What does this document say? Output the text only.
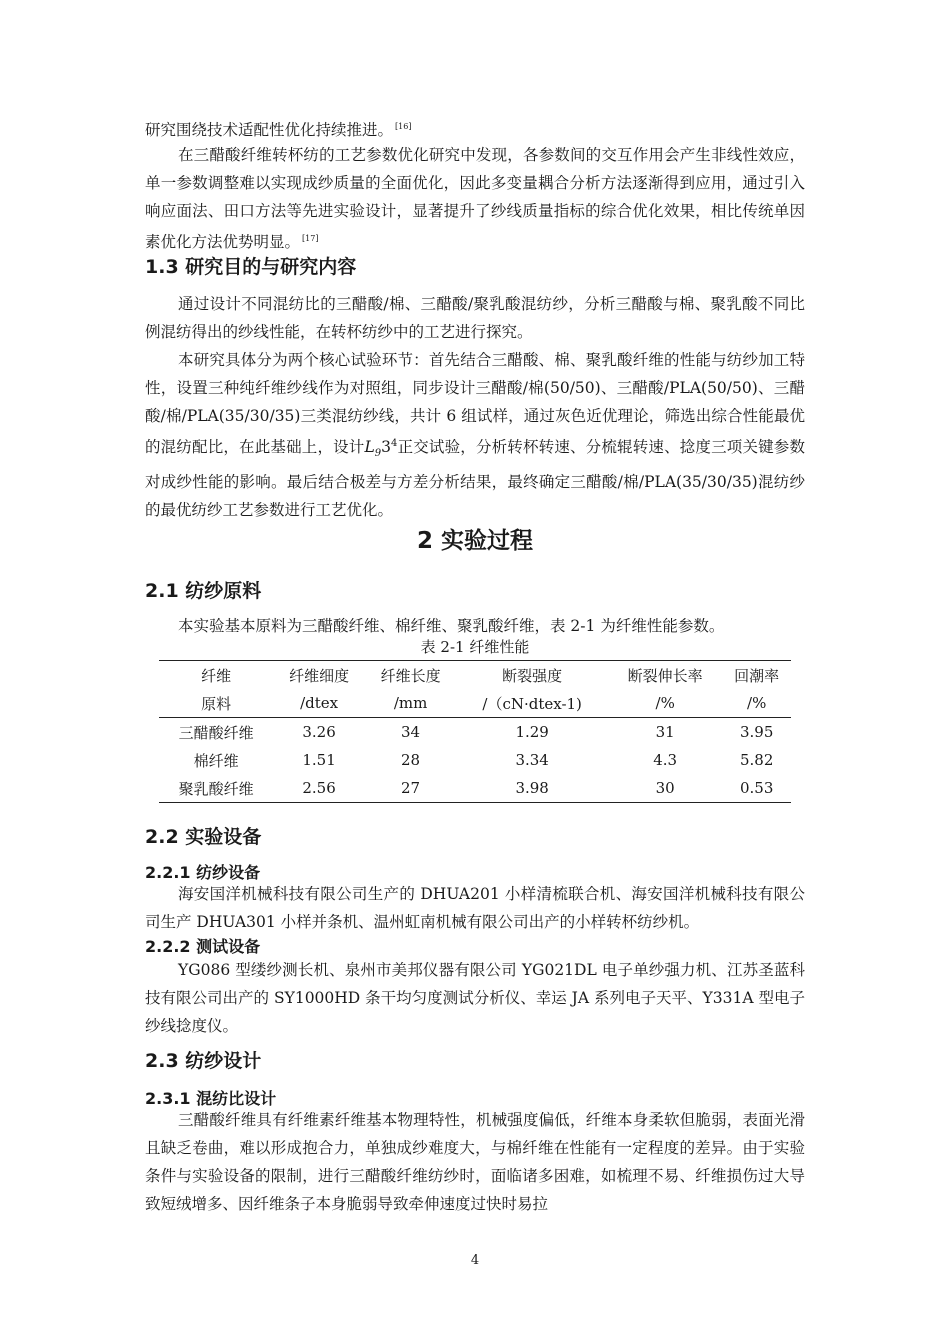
研究围绕技术适配性优化持续推进。 [16]

在三醋酸纤维转杯纺的工艺参数优化研究中发现，各参数间的交互作用会产生非线性效应，单一参数调整难以实现成纱质量的全面优化，因此多变量耦合分析方法逐渐得到应用，通过引入响应面法、田口方法等先进实验设计，显著提升了纱线质量指标的综合优化效果，相比传统单因素优化方法优势明显。 [17]

1.3 研究目的与研究内容

通过设计不同混纺比的三醋酸/棉、三醋酸/聚乳酸混纺纱，分析三醋酸与棉、聚乳酸不同比例混纺得出的纱线性能，在转杯纺纱中的工艺进行探究。

本研究具体分为两个核心试验环节：首先结合三醋酸、棉、聚乳酸纤维的性能与纺纱加工特性，设置三种纯纤维纱线作为对照组，同步设计三醋酸/棉(50/50)、三醋酸/PLA(50/50)、三醋酸/棉/PLA(35/30/35)三类混纺纱线，共计 6 组试样，通过灰色近优理论，筛选出综合性能最优的混纺配比，在此基础上，设计$L_93^4$正交试验，分析转杯转速、分梳辊转速、捻度三项关键参数对成纱性能的影响。最后结合极差与方差分析结果，最终确定三醋酸/棉/PLA(35/30/35)混纺纱的最优纺纱工艺参数进行工艺优化。

2 实验过程
2.1 纺纱原料

本实验基本原料为三醋酸纤维、棉纤维、聚乳酸纤维，表 2-1 为纤维性能参数。

表 2-1 纤维性能
纤维	纤维细度	纤维长度	断裂强度	断裂伸长率	回潮率
原料	/dtex	/mm	/（cN·dtex-1)	/%	/%
三醋酸纤维	3.26	34	1.29	31	3.95
棉纤维	1.51	28	3.34	4.3	5.82
聚乳酸纤维	2.56	27	3.98	30	0.53
2.2 实验设备
2.2.1 纺纱设备

海安国洋机械科技有限公司生产的 DHUA201 小样清梳联合机、海安国洋机械科技有限公司生产 DHUA301 小样并条机、温州虹南机械有限公司出产的小样转杯纺纱机。

2.2.2 测试设备

YG086 型缕纱测长机、泉州市美邦仪器有限公司 YG021DL 电子单纱强力机、江苏圣蓝科技有限公司出产的 SY1000HD 条干均匀度测试分析仪、幸运 JA 系列电子天平、Y331A 型电子纱线捻度仪。

2.3 纺纱设计
2.3.1 混纺比设计

三醋酸纤维具有纤维素纤维基本物理特性，机械强度偏低，纤维本身柔软但脆弱，表面光滑且缺乏卷曲，难以形成抱合力，单独成纱难度大，与棉纤维在性能有一定程度的差异。由于实验条件与实验设备的限制，进行三醋酸纤维纺纱时，面临诸多困难，如梳理不易、纤维损伤过大导致短绒增多、因纤维条子本身脆弱导致牵伸速度过快时易拉

4
